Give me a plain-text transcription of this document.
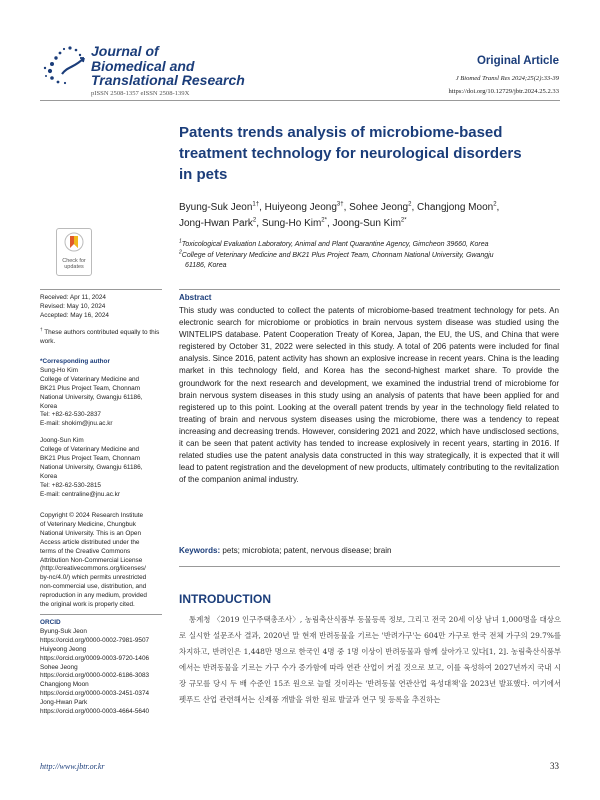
Journal of
Biomedical and
Translational Research
pISSN 2508-1357 eISSN 2508-139X
Original Article
J Biomed Transl Res 2024;25(2):33-39
https://doi.org/10.12729/jbtr.2024.25.2.33
Patents trends analysis of microbiome-based
treatment technology for neurological disorders
in pets
Byung-Suk Jeon$^{1\dagger}$, Huiyeong Jeong$^{3\dagger}$, Sohee Jeong$^2$, Changjong Moon$^2$,
Jong-Hwan Park$^2$, Sung-Ho Kim$^{2*}$, Joong-Sun Kim$^{2*}$
$^1$Toxicological Evaluation Laboratory, Animal and Plant Quarantine Agency, Gimcheon 39660, Korea
$^2$College of Veterinary Medicine and BK21 Plus Project Team, Chonnam National University, Gwangju
61186, Korea
Check for
updates
Received: Apr 11, 2024
Revised: May 10, 2024
Accepted: May 16, 2024
† These authors contributed equally to this work.
*Corresponding author
Sung-Ho Kim
College of Veterinary Medicine and
BK21 Plus Project Team, Chonnam
National University, Gwangju 61186,
Korea
Tel: +82-62-530-2837
E-mail: shokim@jnu.ac.kr
Joong-Sun Kim
College of Veterinary Medicine and
BK21 Plus Project Team, Chonnam
National University, Gwangju 61186,
Korea
Tel: +82-62-530-2815
E-mail: centraline@jnu.ac.kr
Copyright © 2024 Research Institute
of Veterinary Medicine, Chungbuk
National University. This is an Open
Access article distributed under the
terms of the Creative Commons
Attribution Non-Commercial License
(http://creativecommons.org/licenses/
by-nc/4.0/) which permits unrestricted
non-commercial use, distribution, and
reproduction in any medium, provided
the original work is properly cited.
ORCID
Byung-Suk Jeon
https://orcid.org/0000-0002-7981-9507
Huiyeong Jeong
https://orcid.org/0009-0003-9720-1406
Sohee Jeong
https://orcid.org/0000-0002-6186-3083
Changjong Moon
https://orcid.org/0000-0003-2451-0374
Jong-Hwan Park
https://orcid.org/0000-0003-4664-5640
Abstract
This study was conducted to collect the patents of microbiome-based treatment technology for pets. An electronic search for microbiome or probiotics in brain nervous system disease was studied using the WINTELIPS database. Patent Cooperation Treaty of Korea, Japan, the EU, the US, and China that were registered by October 31, 2022 were selected in this study. A total of 206 patents were included for final analysis. Since 2016, patent activity has shown an explosive increase in recent years. China is the leading market in this technology field, and Korea has the second-highest market share. To provide the groundwork for the next research and development, we examined the industrial trend of microbiome for brain nervous system diseases in this study using an analysis of patents that have been applied for and registered up to this point. Looking at the overall patent trends by year in the technology field related to treating of brain and nervous system diseases using the microbiome, there was a tendency to repeat increasing and decreasing trends. However, considering 2021 and 2022, which have undisclosed sections, it can be seen that patent activity has tended to increase explosively in recent years, starting in 2016. If related studies use the patent analysis data constructed in this way strategically, it is expected that it will lead to patent registration and the development of new products, ultimately contributing to the revitalization of the companion animal industry.
Keywords: pets; microbiota; patent, nervous disease; brain
INTRODUCTION
통계청 〈2019 인구주택총조사〉, 농림축산식품부 동물등록 정보, 그리고 전국 20세 이상 남녀 1,000명을 대상으로 실시한 설문조사 결과, 2020년 말 현재 반려동물을 기르는 '반려가구'는 604만 가구로 한국 전체 가구의 29.7%를 차지하고, 반려인은 1,448만 명으로 한국인 4명 중 1명 이상이 반려동물과 함께 살아가고 있다[1, 2]. 농림축산식품부에서는 반려동물을 기르는 가구 수가 증가함에 따라 연관 산업이 커질 것으로 보고, 이를 육성하여 2027년까지 국내 시장 규모를 당시 두 배 수준인 15조 원으로 늘릴 것이라는 '반려동물 연관산업 육성대책'을 2023년 발표했다. 여기에서 펫푸드 산업 관련해서는 신제품 개발을 위한 원료 발굴과 연구 및 등록을 추진하는
http://www.jbtr.or.kr	33
